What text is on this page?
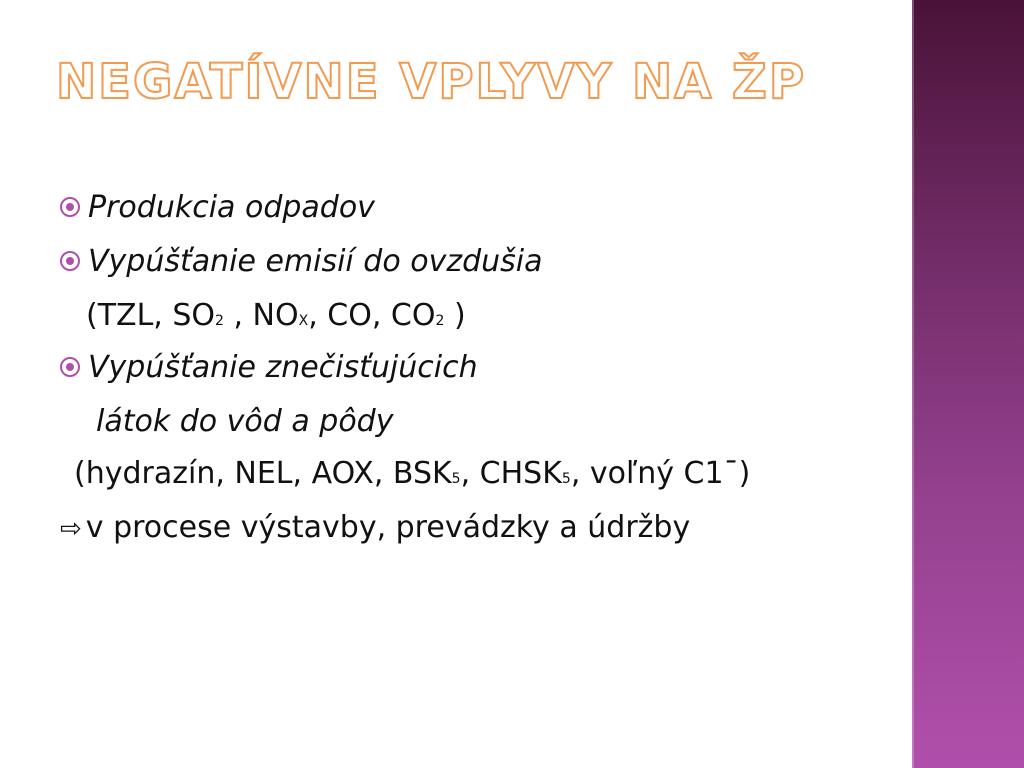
NEGATÍVNE VPLYVY NA ŽP
Produkcia odpadov
Vypúšťanie emisií do ovzdušia
(TZL, SO2 , NOX, CO, CO2 )
Vypúšťanie znečisťujúcich
látok do vôd a pôdy
(hydrazín, NEL, AOX, BSK5, CHSK5, voľný C1¯)
⇨ v procese výstavby, prevádzky a údržby
